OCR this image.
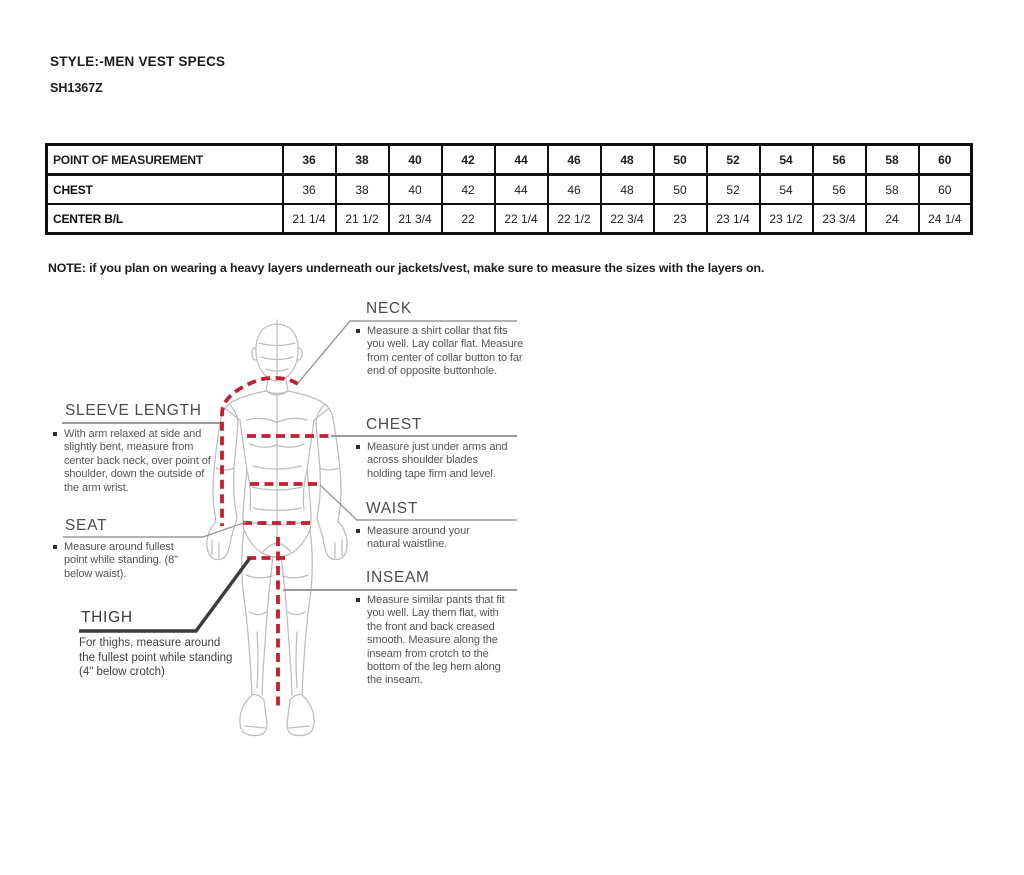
STYLE:-MEN VEST SPECS
SH1367Z
POINT OF MEASUREMENT	36	38	40	42	44	46	48	50	52	54	56	58	60
CHEST	36	38	40	42	44	46	48	50	52	54	56	58	60
CENTER B/L	21 1/4	21 1/2	21 3/4	22	22 1/4	22 1/2	22 3/4	23	23 1/4	23 1/2	23 3/4	24	24 1/4
NOTE: if you plan on wearing a heavy layers underneath our jackets/vest, make sure to measure the sizes with the layers on.
NECK
Measure a shirt collar that fits you well. Lay collar flat. Measure from center of collar button to far end of opposite buttonhole.
CHEST
Measure just under arms and across shoulder blades holding tape firm and level.
WAIST
Measure around your natural waistline.
INSEAM
Measure similar pants that fit you well. Lay them flat, with the front and back creased smooth. Measure along the inseam from crotch to the bottom of the leg hem along the inseam.
SLEEVE LENGTH
With arm relaxed at side and slightly bent, measure from center back neck, over point of shoulder, down the outside of the arm wrist.
SEAT
Measure around fullest point while standing. (8" below waist).
THIGH
For thighs, measure around the fullest point while standing (4" below crotch)
